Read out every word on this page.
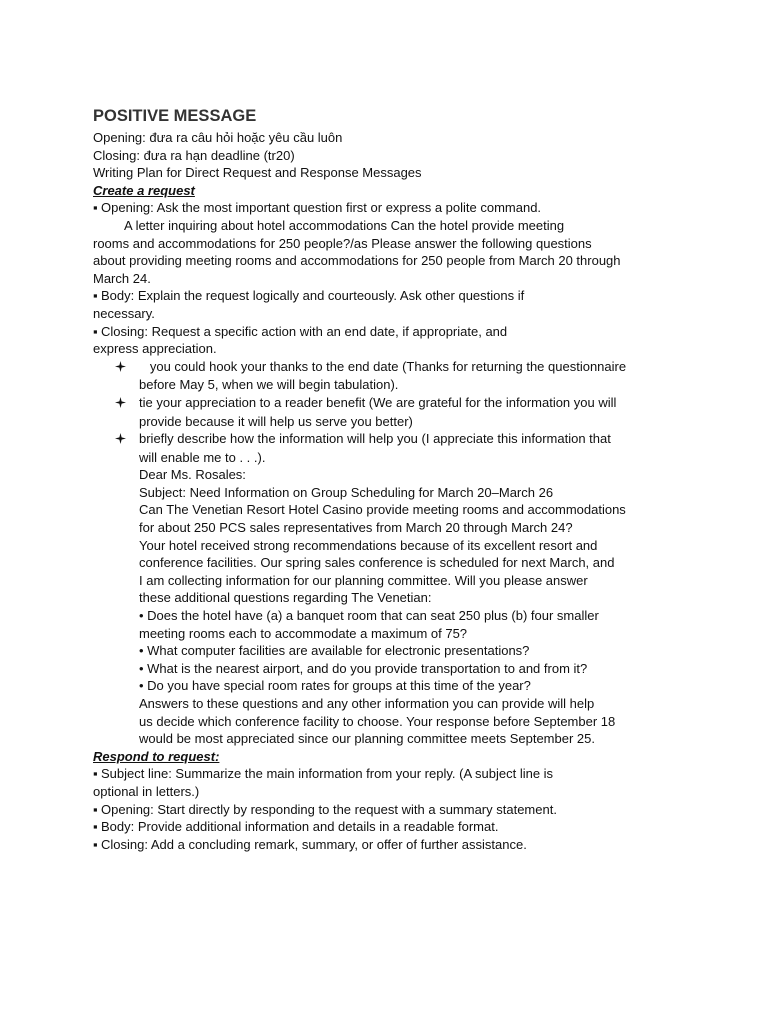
POSITIVE MESSAGE
Opening: đưa ra câu hỏi hoặc yêu cầu luôn
Closing: đưa ra hạn deadline (tr20)
Writing Plan for Direct Request and Response Messages
Create a request
▪ Opening: Ask the most important question first or express a polite command.
A letter inquiring about hotel accommodations Can the hotel provide meeting
rooms and accommodations for 250 people?/as Please answer the following questions
about providing meeting rooms and accommodations for 250 people from March 20 through
March 24.
▪ Body: Explain the request logically and courteously. Ask other questions if
necessary.
▪ Closing: Request a specific action with an end date, if appropriate, and
express appreciation.
you could hook your thanks to the end date (Thanks for returning the questionnaire
before May 5, when we will begin tabulation).
tie your appreciation to a reader benefit (We are grateful for the information you will
provide because it will help us serve you better)
briefly describe how the information will help you (I appreciate this information that
will enable me to . . .).
Dear Ms. Rosales:
Subject: Need Information on Group Scheduling for March 20–March 26
Can The Venetian Resort Hotel Casino provide meeting rooms and accommodations
for about 250 PCS sales representatives from March 20 through March 24?
Your hotel received strong recommendations because of its excellent resort and
conference facilities. Our spring sales conference is scheduled for next March, and
I am collecting information for our planning committee. Will you please answer
these additional questions regarding The Venetian:
• Does the hotel have (a) a banquet room that can seat 250 plus (b) four smaller
meeting rooms each to accommodate a maximum of 75?
• What computer facilities are available for electronic presentations?
• What is the nearest airport, and do you provide transportation to and from it?
• Do you have special room rates for groups at this time of the year?
Answers to these questions and any other information you can provide will help
us decide which conference facility to choose. Your response before September 18
would be most appreciated since our planning committee meets September 25.
Respond to request:
▪ Subject line: Summarize the main information from your reply. (A subject line is
optional in letters.)
▪ Opening: Start directly by responding to the request with a summary statement.
▪ Body: Provide additional information and details in a readable format.
▪ Closing: Add a concluding remark, summary, or offer of further assistance.
